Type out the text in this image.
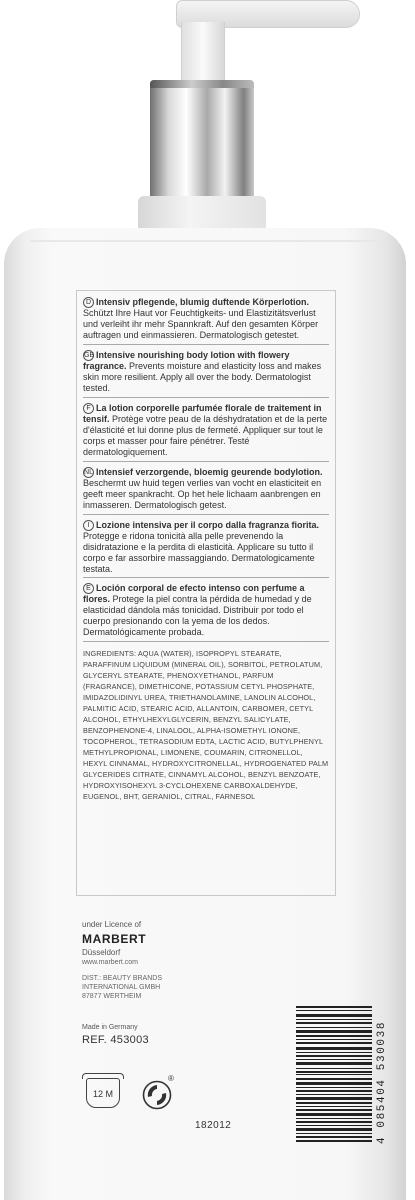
D Intensiv pflegende, blumig duftende Körperlotion. Schützt Ihre Haut vor Feuchtigkeits- und Elastizitätsverlust und verleiht ihr mehr Spannkraft. Auf den gesamten Körper auftragen und einmassieren. Dermatologisch getestet.
GB Intensive nourishing body lotion with flowery fragrance. Prevents moisture and elasticity loss and makes skin more resilient. Apply all over the body. Dermatologist tested.
F La lotion corporelle parfumée florale de traitement in tensif. Protège votre peau de la déshydratation et de la perte d'élasticité et lui donne plus de fermeté. Appliquer sur tout le corps et masser pour faire pénétrer. Testé dermatologiquement.
NL Intensief verzorgende, bloemig geurende bodylotion. Beschermt uw huid tegen verlies van vocht en elasticiteit en geeft meer spankracht. Op het hele lichaam aanbrengen en inmasseren. Dermatologisch getest.
I Lozione intensiva per il corpo dalla fragranza fiorita. Protegge e ridona tonicità alla pelle prevenendo la disidratazione e la perdita di elasticità. Applicare su tutto il corpo e far assorbire massaggiando. Dermatologicamente testata.
E Loción corporal de efecto intenso con perfume a flores. Protege la piel contra la pérdida de humedad y de elasticidad dándola más tonicidad. Distribuir por todo el cuerpo presionando con la yema de los dedos. Dermatológicamente probada.
INGREDIENTS: AQUA (WATER), ISOPROPYL STEARATE, PARAFFINUM LIQUIDUM (MINERAL OIL), SORBITOL, PETROLATUM, GLYCERYL STEARATE, PHENOXYETHANOL, PARFUM (FRAGRANCE), DIMETHICONE, POTASSIUM CETYL PHOSPHATE, IMIDAZOLIDINYL UREA, TRIETHANOLAMINE, LANOLIN ALCOHOL, PALMITIC ACID, STEARIC ACID, ALLANTOIN, CARBOMER, CETYL ALCOHOL, ETHYLHEXYLGLYCERIN, BENZYL SALICYLATE, BENZOPHENONE-4, LINALOOL, ALPHA-ISOMETHYL IONONE, TOCOPHEROL, TETRASODIUM EDTA, LACTIC ACID, BUTYLPHENYL METHYLPROPIONAL, LIMONENE, COUMARIN, CITRONELLOL, HEXYL CINNAMAL, HYDROXYCITRONELLAL, HYDROGENATED PALM GLYCERIDES CITRATE, CINNAMYL ALCOHOL, BENZYL BENZOATE, HYDROXYISOHEXYL 3-CYCLOHEXENE CARBOXALDEHYDE, EUGENOL, BHT, GERANIOL, CITRAL, FARNESOL
under Licence of
MARBERT
Düsseldorf
www.marbert.com
DIST.: BEAUTY BRANDS
INTERNATIONAL GMBH
87877 WERTHEIM
Made in Germany
REF. 453003
12 M
®
182012	4 085404 530038
